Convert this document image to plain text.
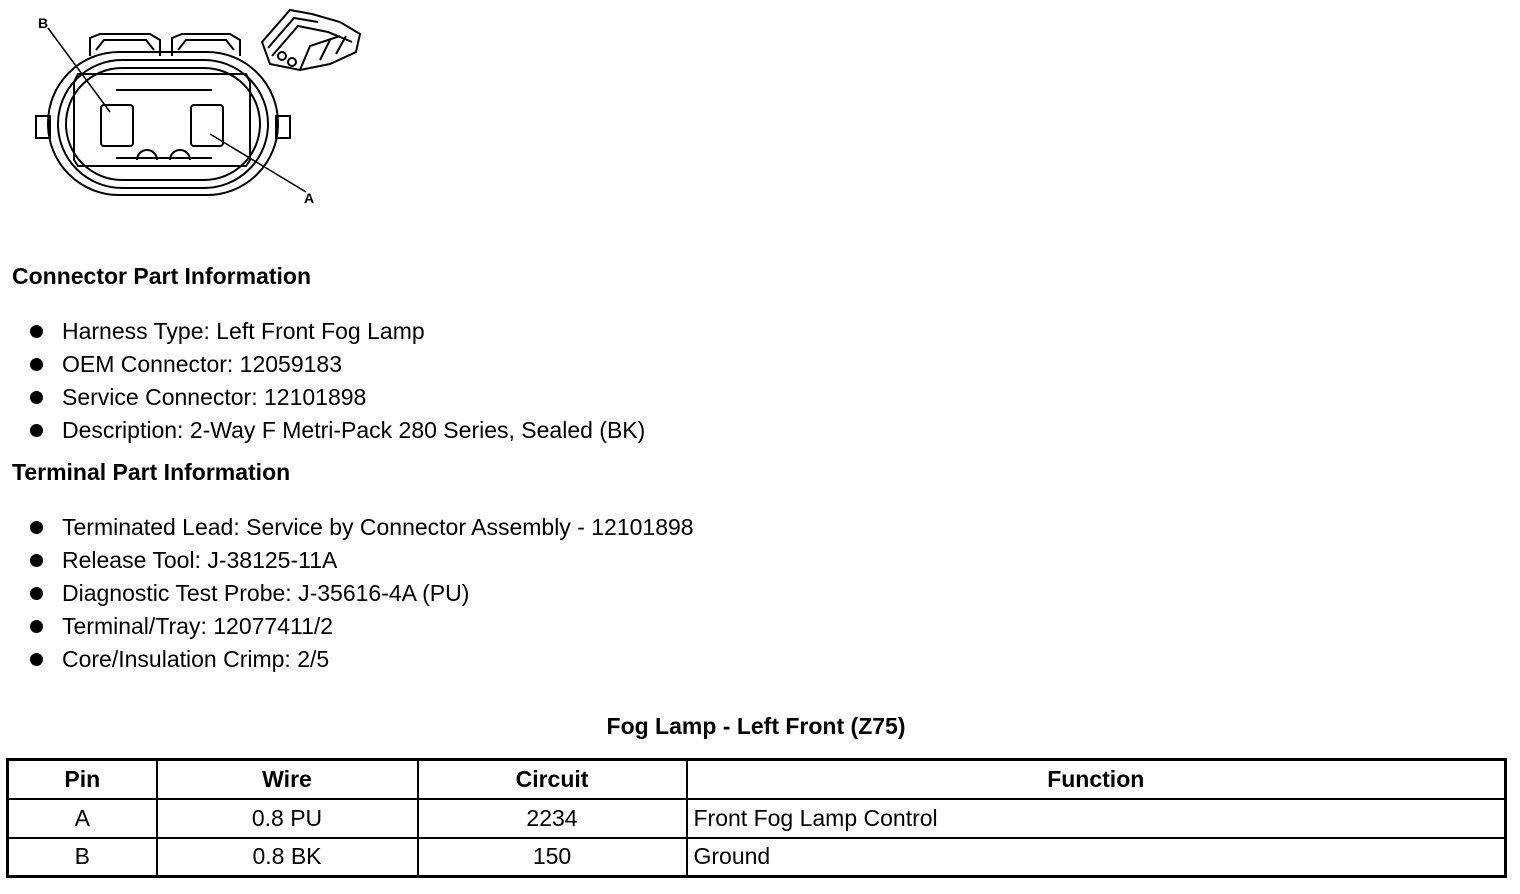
B
A
Connector Part Information
Harness Type: Left Front Fog Lamp
OEM Connector: 12059183
Service Connector: 12101898
Description: 2-Way F Metri-Pack 280 Series, Sealed (BK)
Terminal Part Information
Terminated Lead: Service by Connector Assembly - 12101898
Release Tool: J-38125-11A
Diagnostic Test Probe: J-35616-4A (PU)
Terminal/Tray: 12077411/2
Core/Insulation Crimp: 2/5
Fog Lamp - Left Front (Z75)
Pin	Wire	Circuit	Function
A	0.8 PU	2234	Front Fog Lamp Control
B	0.8 BK	150	Ground
